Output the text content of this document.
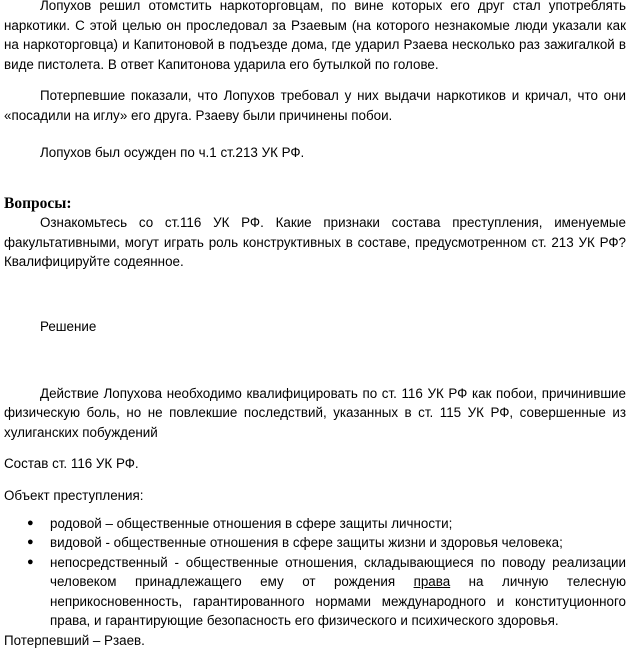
Лопухов решил отомстить наркоторговцам, по вине которых его друг стал употреблять наркотики. С этой целью он проследовал за Рзаевым (на которого незнакомые люди указали как на наркоторговца) и Капитоновой в подъезде дома, где ударил Рзаева несколько раз зажигалкой в виде пистолета. В ответ Капитонова ударила его бутылкой по голове.

Потерпевшие показали, что Лопухов требовал у них выдачи наркотиков и кричал, что они «посадили на иглу» его друга. Рзаеву были причинены побои.

Лопухов был осужден по ч.1 ст.213 УК РФ.

Вопросы:

Ознакомьтесь со ст.116 УК РФ. Какие признаки состава преступления, именуемые факультативными, могут играть роль конструктивных в составе, предусмотренном ст. 213 УК РФ? Квалифицируйте содеянное.

Решение

Действие Лопухова необходимо квалифицировать по ст. 116 УК РФ как побои, причинившие физическую боль, но не повлекшие последствий, указанных в ст. 115 УК РФ, совершенные из хулиганских побуждений

Состав ст. 116 УК РФ.

Объект преступления:

● родовой – общественные отношения в сфере защиты личности;
● видовой - общественные отношения в сфере защиты жизни и здоровья человека;
● непосредственный - общественные отношения, складывающиеся по поводу реализации человеком принадлежащего ему от рождения права на личную телесную неприкосновенность, гарантированного нормами международного и конституционного права, и гарантирующие безопасность его физического и психического здоровья.

Потерпевший – Рзаев.
